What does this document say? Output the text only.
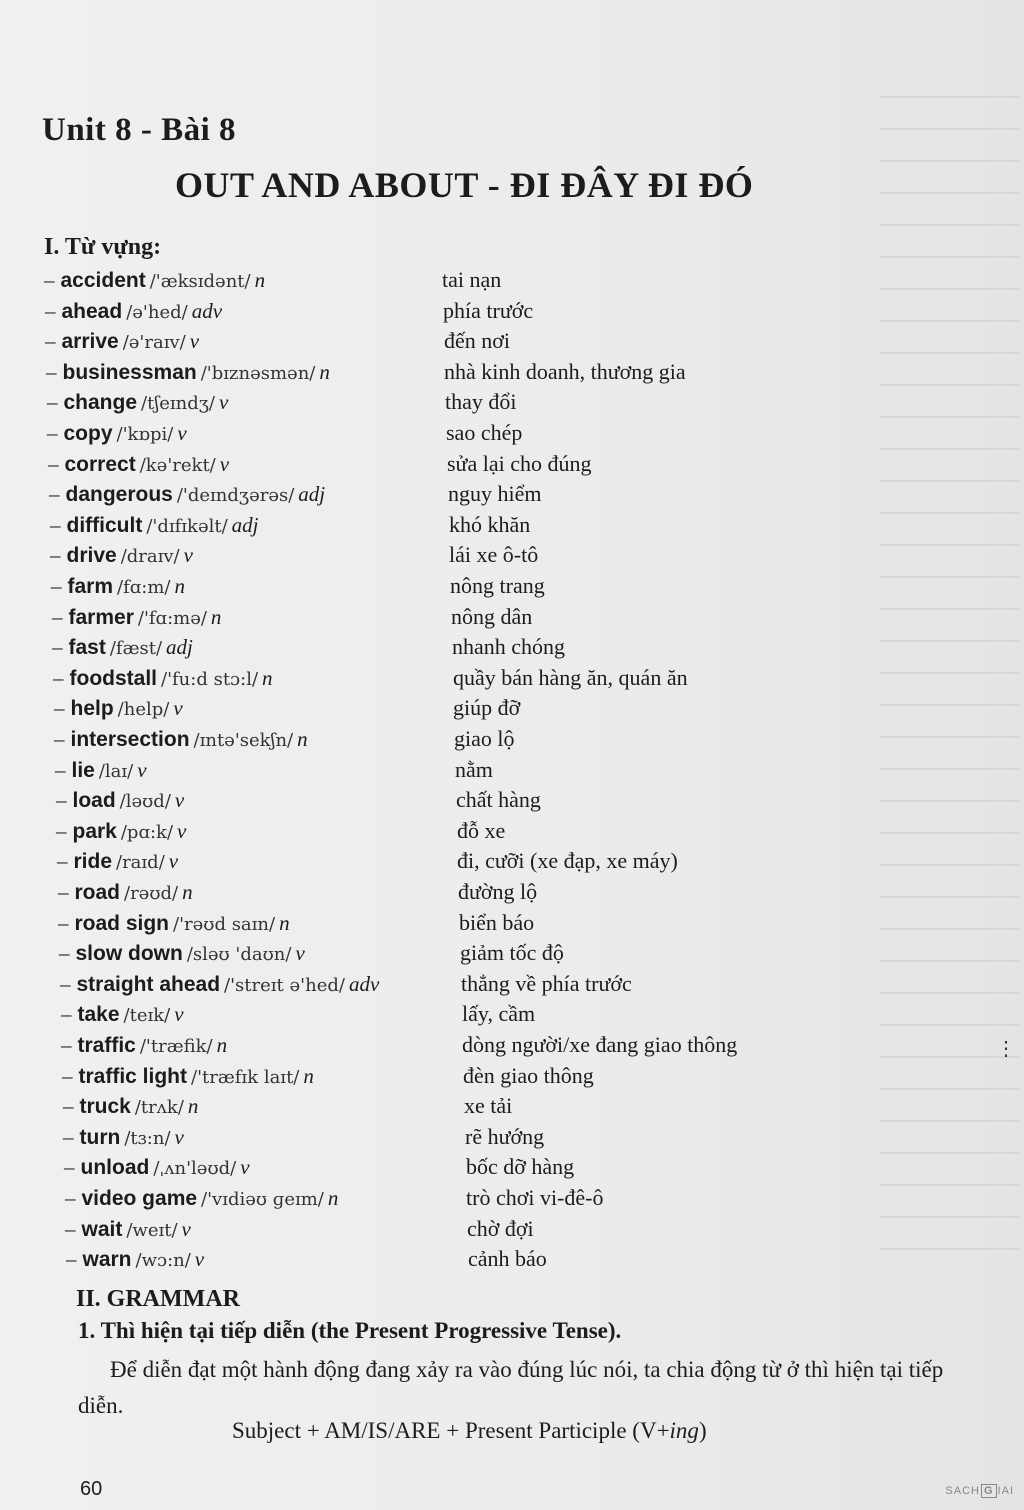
⋮
Unit 8 - Bài 8
OUT AND ABOUT - ĐI ĐÂY ĐI ĐÓ
I. Từ vựng:
– accident /'æksɪdənt/ n	tai nạn
– ahead /ə'hed/ adv	phía trước
– arrive /ə'raɪv/ v	đến nơi
– businessman /'bɪznəsmən/ n	nhà kinh doanh, thương gia
– change /tʃeɪndʒ/ v	thay đổi
– copy /'kɒpi/ v	sao chép
– correct /kə'rekt/ v	sửa lại cho đúng
– dangerous /'deɪndʒərəs/ adj	nguy hiểm
– difficult /'dɪfɪkəlt/ adj	khó khăn
– drive /draɪv/ v	lái xe ô-tô
– farm /fɑ:m/ n	nông trang
– farmer /'fɑ:mə/ n	nông dân
– fast /fæst/ adj	nhanh chóng
– foodstall /'fu:d stɔ:l/ n	quầy bán hàng ăn, quán ăn
– help /help/ v	giúp đỡ
– intersection /ɪntə'sekʃn/ n	giao lộ
– lie /laɪ/ v	nằm
– load /ləʊd/ v	chất hàng
– park /pɑ:k/ v	đỗ xe
– ride /raɪd/ v	đi, cưỡi (xe đạp, xe máy)
– road /rəʊd/ n	đường lộ
– road sign /'rəʊd saɪn/ n	biển báo
– slow down /sləʊ 'daʊn/ v	giảm tốc độ
– straight ahead /'streɪt ə'hed/ adv	thẳng về phía trước
– take /teɪk/ v	lấy, cầm
– traffic /'træfik/ n	dòng người/xe đang giao thông
– traffic light /'træfɪk laɪt/ n	đèn giao thông
– truck /trʌk/ n	xe tải
– turn /tɜ:n/ v	rẽ hướng
– unload /ˌʌn'ləʊd/ v	bốc dỡ hàng
– video game /'vɪdiəʊ ɡeɪm/ n	trò chơi vi-đê-ô
– wait /weɪt/ v	chờ đợi
– warn /wɔ:n/ v	cảnh báo
II. GRAMMAR
1. Thì hiện tại tiếp diễn (the Present Progressive Tense).

Để diễn đạt một hành động đang xảy ra vào đúng lúc nói, ta chia động từ ở thì hiện tại tiếp diễn.

Subject + AM/IS/ARE + Present Participle (V+ing)

60	SACH G IAI
